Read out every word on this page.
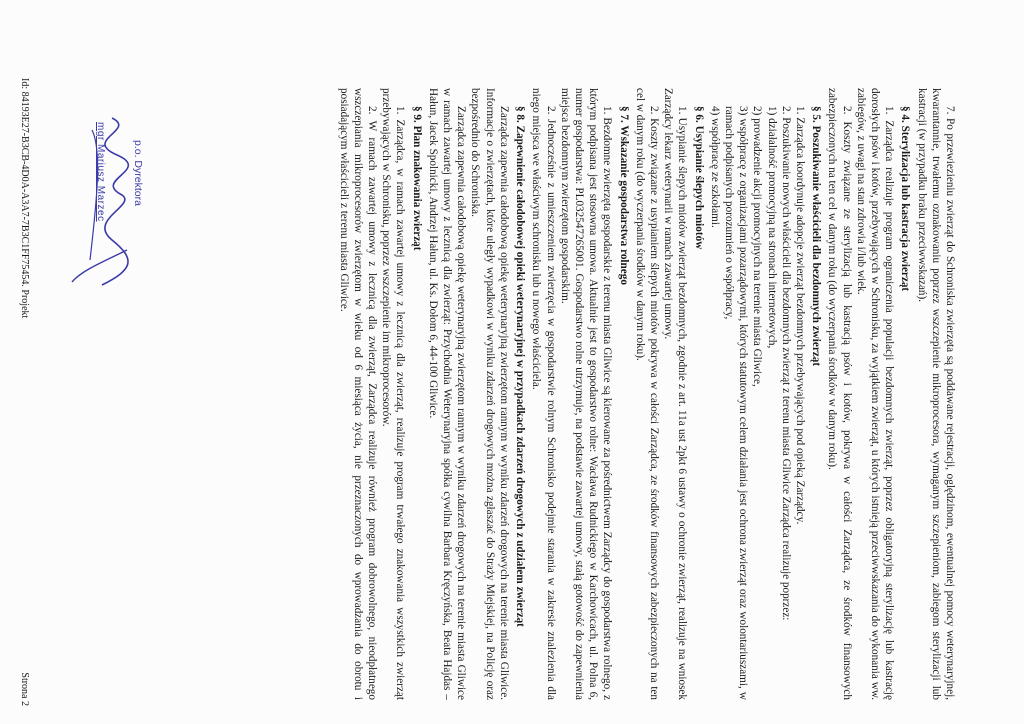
7. Po przewiezieniu zwierząt do Schroniska zwierzęta są poddawane rejestracji, oględzinom, ewentualnej pomocy weterynaryjnej, kwarantannie, trwałemu oznakowaniu poprzez wszczepienie mikroprocesora, wymaganym szczepieniom, zabiegom sterylizacji lub kastracji (w przypadku braku przeciwwskazań).

§ 4. Sterylizacja lub kastracja zwierząt

1. Zarządca realizuje program ograniczenia populacji bezdomnych zwierząt, poprzez obligatoryjną sterylizację lub kastrację dorosłych psów i kotów, przebywających w Schronisku, za wyjątkiem zwierząt, u których istnieją przeciwwskazania do wykonania ww. zabiegów, z uwagi na stan zdrowia i/lub wiek.

2. Koszty związane ze sterylizacją lub kastracją psów i kotów, pokrywa w całości Zarządca, ze środków finansowych zabezpieczonych na ten cel w danym roku (do wyczerpania środków w danym roku).

§ 5. Poszukiwanie właścicieli dla bezdomnych zwierząt

1. Zarządca koordynuje adopcje zwierząt bezdomnych przebywających pod opieką Zarządcy.

2. Poszukiwanie nowych właścicieli dla bezdomnych zwierząt z terenu miasta Gliwice Zarządca realizuje poprzez:

1) działalność promocyjną na stronach internetowych,

2) prowadzenie akcji promocyjnych na terenie miasta Gliwice,

3) współpracę z organizacjami pozarządowymi, których statutowym celem działania jest ochrona zwierząt oraz wolontariuszami, w ramach podpisanych porozumień o współpracy,

4) współpracę ze szkołami.

§ 6. Usypianie ślepych miotów

1. Usypianie ślepych miotów zwierząt bezdomnych, zgodnie z art. 11a ust 2pkt 6 ustawy o ochronie zwierząt, realizuje na wniosek Zarządcy lekarz weterynarii w ramach zawartej umowy.

2. Koszty związane z usypianiem ślepych miotów pokrywa w całości Zarządca, ze środków finansowych zabezpieczonych na ten cel w danym roku (do wyczerpania środków w danym roku).

§ 7. Wskazanie gospodarstwa rolnego

1. Bezdomne zwierzęta gospodarskie z terenu miasta Gliwice są kierowane za pośrednictwem Zarządcy do gospodarstwa rolnego, z którym podpisana jest stosowna umowa. Aktualnie jest to gospodarstwo rolne: Wacława Rudnickiego w Karchowicach, ul. Polna 6, numer gospodarstwa: PL032547265001. Gospodarstwo rolne utrzymuje, na podstawie zawartej umowy, stałą gotowość do zapewnienia miejsca bezdomnym zwierzętom gospodarskim.

2. Jednocześnie z umieszczeniem zwierzęcia w gospodarstwie rolnym Schronisko podejmie starania w zakresie znalezienia dla niego miejsca we właściwym schronisku lub u nowego właściciela.

§ 8. Zapewnienie całodobowej opieki weterynaryjnej w przypadkach zdarzeń drogowych z udziałem zwierząt

Zarządca zapewnia całodobową opiekę weterynaryjną zwierzętom rannym w wyniku zdarzeń drogowych na terenie miasta Gliwice. Informacje o zwierzętach, które uległy wypadkowi w wyniku zdarzeń drogowych można zgłaszać do Straży Miejskiej, na Policję oraz bezpośrednio do Schroniska.

Zarządca zapewnia całodobową opiekę weterynaryjną zwierzętom rannym w wyniku zdarzeń drogowych na terenie miasta Gliwice w ramach zawartej umowy z lecznicą dla zwierząt: Przychodnia Weterynaryjna spółka cywilna Barbara Kręczyńska, Beata Hajdas – Hałun, Jacek Spolnicki, Andrzej Hałun, ul. Ks. Dołom 6, 44-100 Gliwice.

§ 9. Plan znakowania zwierząt

1. Zarządca, w ramach zawartej umowy z lecznicą dla zwierząt, realizuje program trwałego znakowania wszystkich zwierząt przebywających w Schronisku, poprzez wszczepienie im mikroprocesorów.

2. W ramach zawartej umowy z lecznicą dla zwierząt, Zarządca realizuje również program dobrowolnego, nieodpłatnego wszczepiania mikroprocesorów zwierzętom w wieku od 6 miesiąca życia, nie przeznaczonych do wprowadzania do obrotu i posiadającym właścicieli z terenu miasta Gliwice.

p.o. Dyrektora
mgr Mariusz Marzec
Id: 84193E27-B3CB-4D0A-A3A7-7B3C1FF75454. Projekt
Strona 2
